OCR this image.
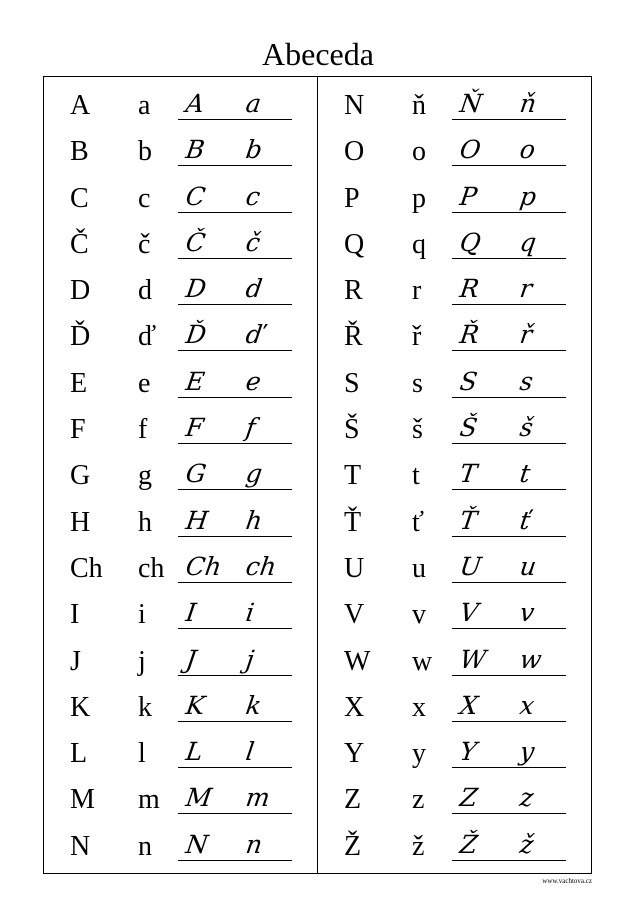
Abeceda
A a A a
B b B b
C c C c
Č č Č č
D d D d
Ď ď Ď ď
E e E e
F f F f
G g G g
H h H h
Ch ch Ch ch
I i I i
J j J j
K k K k
L l L l
M m M m
N n N n
N ň Ň ň
O o O o
P p P p
Q q Q q
R r R r
Ř ř Ř ř
S s S s
Š š Š š
T t T t
Ť ť Ť ť
U u U u
V v V v
W w W w
X x X x
Y y Y y
Z z Z z
Ž ž Ž ž
www.vachtova.cz
